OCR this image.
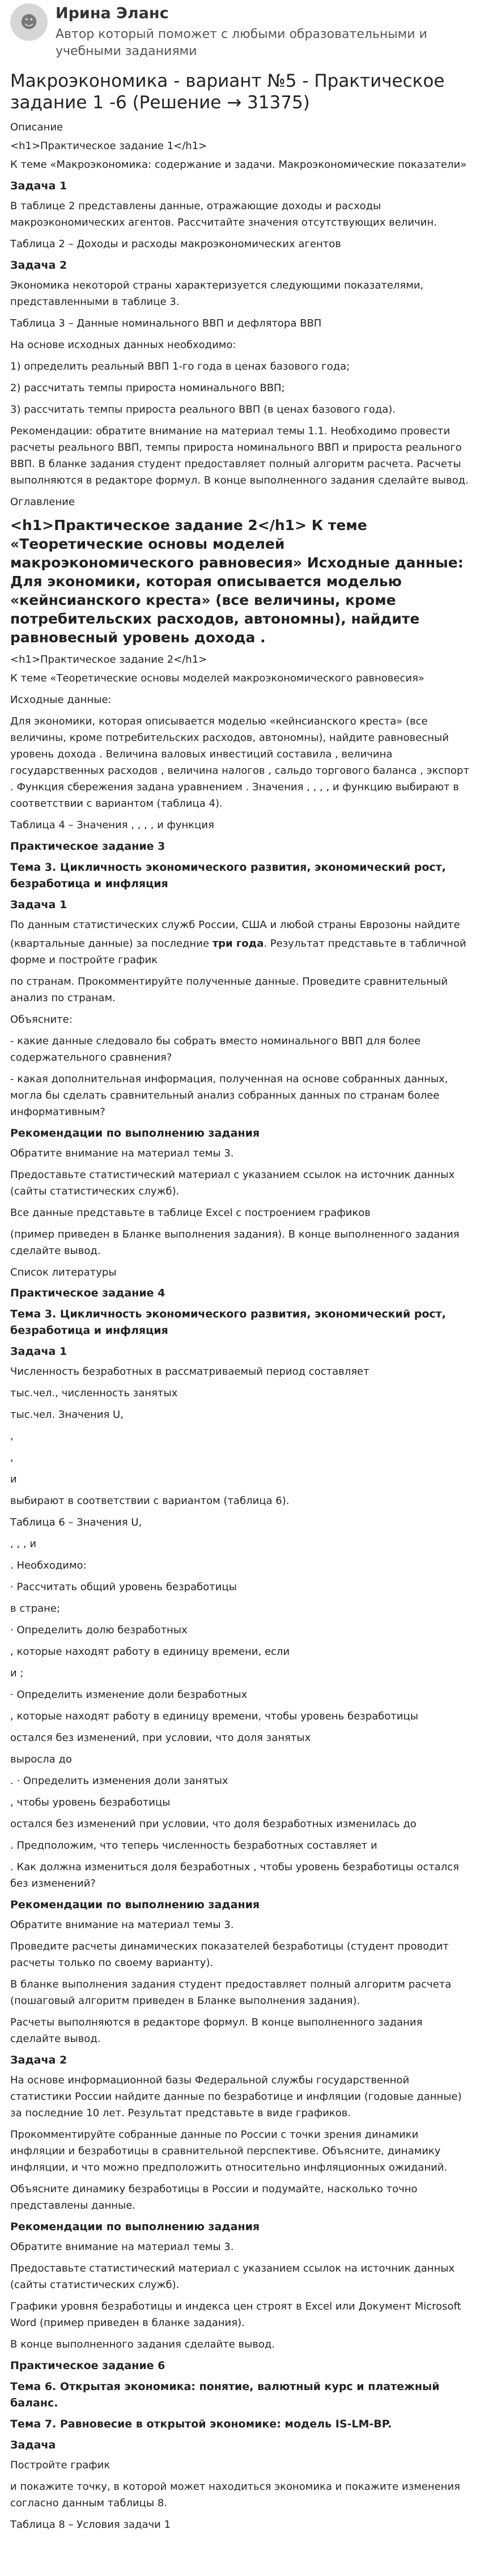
☻	Ирина Эланс
Автор который поможет с любыми образовательными и учебными заданиями
Макроэкономика - вариант №5 - Практическое задание 1 -6 (Решение → 31375)
Описание
<h1>Практическое задание 1</h1>
К теме «Макроэкономика: содержание и задачи. Макроэкономические показатели»
Задача 1
В таблице 2 представлены данные, отражающие доходы и расходы макроэкономических агентов. Рассчитайте значения отсутствующих величин.
Таблица 2 – Доходы и расходы макроэкономических агентов
Задача 2
Экономика некоторой страны характеризуется следующими показателями, представленными в таблице 3.
Таблица 3 – Данные номинального ВВП и дефлятора ВВП
На основе исходных данных необходимо:
1) определить реальный ВВП 1-го года в ценах базового года;
2) рассчитать темпы прироста номинального ВВП;
3) рассчитать темпы прироста реального ВВП (в ценах базового года).
Рекомендации: обратите внимание на материал темы 1.1. Необходимо провести расчеты реального ВВП, темпы прироста номинального ВВП и прироста реального ВВП. В бланке задания студент предоставляет полный алгоритм расчета. Расчеты выполняются в редакторе формул. В конце выполненного задания сделайте вывод.
Оглавление
<h1>Практическое задание 2</h1> К теме «Теоретические основы моделей макроэкономического равновесия» Исходные данные: Для экономики, которая описывается моделью «кейнсианского креста» (все величины, кроме потребительских расходов, автономны), найдите равновесный уровень дохода .
<h1>Практическое задание 2</h1>
К теме «Теоретические основы моделей макроэкономического равновесия»
Исходные данные:
Для экономики, которая описывается моделью «кейнсианского креста» (все величины, кроме потребительских расходов, автономны), найдите равновесный уровень дохода . Величина валовых инвестиций составила , величина государственных расходов , величина налогов , сальдо торгового баланса , экспорт . Функция сбережения задана уравнением . Значения , , , , и функцию выбирают в соответствии с вариантом (таблица 4).
Таблица 4 – Значения , , , , и функция
Практическое задание 3
Тема 3. Цикличность экономического развития, экономический рост, безработица и инфляция
Задача 1
По данным статистических служб России, США и любой страны Еврозоны найдите
(квартальные данные) за последние три года. Результат представьте в табличной форме и постройте график
по странам. Прокомментируйте полученные данные. Проведите сравнительный анализ по странам.
Объясните:
- какие данные следовало бы собрать вместо номинального ВВП для более содержательного сравнения?
- какая дополнительная информация, полученная на основе собранных данных, могла бы сделать сравнительный анализ собранных данных по странам более информативным?
Рекомендации по выполнению задания
Обратите внимание на материал темы 3.
Предоставьте статистический материал с указанием ссылок на источник данных (сайты статистических служб).
Все данные представьте в таблице Excel с построением графиков
(пример приведен в Бланке выполнения задания). В конце выполненного задания сделайте вывод.
Список литературы
Практическое задание 4
Тема 3. Цикличность экономического развития, экономический рост, безработица и инфляция
Задача 1
Численность безработных в рассматриваемый период составляет
тыс.чел., численность занятых
тыс.чел. Значения U,
,
,
и
выбирают в соответствии с вариантом (таблица 6).
Таблица 6 – Значения U,
, , , и
. Необходимо:
· Рассчитать общий уровень безработицы
в стране;
· Определить долю безработных
, которые находят работу в единицу времени, если
и ;
· Определить изменение доли безработных
, которые находят работу в единицу времени, чтобы уровень безработицы
остался без изменений, при условии, что доля занятых
выросла до
. · Определить изменения доли занятых
, чтобы уровень безработицы
остался без изменений при условии, что доля безработных изменилась до
. Предположим, что теперь численность безработных составляет и
. Как должна измениться доля безработных , чтобы уровень безработицы остался без изменений?
Рекомендации по выполнению задания
Обратите внимание на материал темы 3.
Проведите расчеты динамических показателей безработицы (студент проводит расчеты только по своему варианту).
В бланке выполнения задания студент предоставляет полный алгоритм расчета (пошаговый алгоритм приведен в Бланке выполнения задания).
Расчеты выполняются в редакторе формул. В конце выполненного задания сделайте вывод.
Задача 2
На основе информационной базы Федеральной службы государственной статистики России найдите данные по безработице и инфляции (годовые данные) за последние 10 лет. Результат представьте в виде графиков.
Прокомментируйте собранные данные по России с точки зрения динамики инфляции и безработицы в сравнительной перспективе. Объясните, динамику инфляции, и что можно предположить относительно инфляционных ожиданий.
Объясните динамику безработицы в России и подумайте, насколько точно представлены данные.
Рекомендации по выполнению задания
Обратите внимание на материал темы 3.
Предоставьте статистический материал с указанием ссылок на источник данных (сайты статистических служб).
Графики уровня безработицы и индекса цен строят в Excel или Документ Microsoft Word (пример приведен в бланке задания).
В конце выполненного задания сделайте вывод.
Практическое задание 6
Тема 6. Открытая экономика: понятие, валютный курс и платежный баланс.
Тема 7. Равновесие в открытой экономике: модель IS-LM-BP.
Задача
Постройте график
и покажите точку, в которой может находиться экономика и покажите изменения согласно данным таблицы 8.
Таблица 8 – Условия задачи 1
